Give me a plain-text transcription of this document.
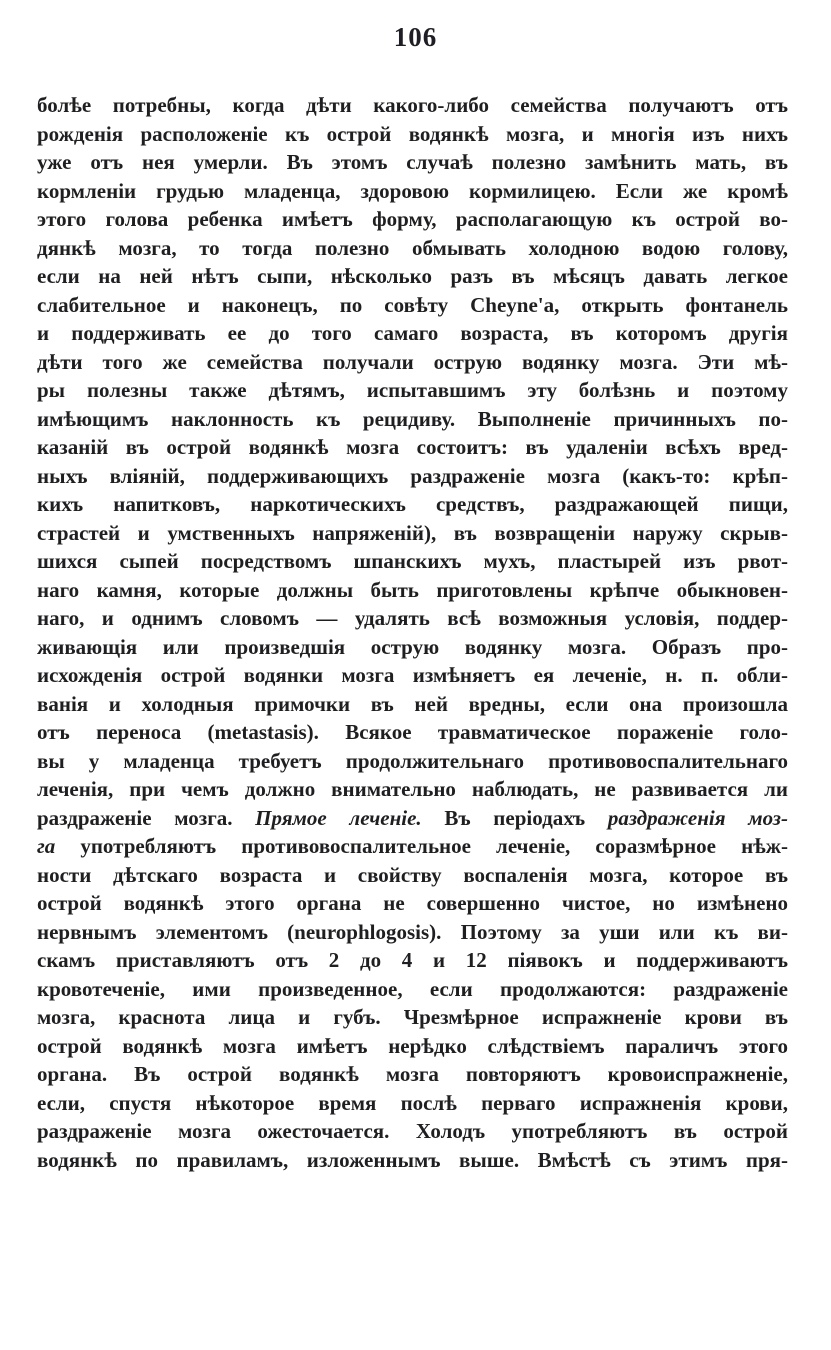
106
болѣе потребны, когда дѣти какого-либо семейства получаютъ отъ
рожденія расположеніе къ острой водянкѣ мозга, и многія изъ нихъ
уже отъ нея умерли. Въ этомъ случаѣ полезно замѣнить мать, въ
кормленіи грудью младенца, здоровою кормилицею. Если же кромѣ
этого голова ребенка имѣетъ форму, располагающую къ острой во-
дянкѣ мозга, то тогда полезно обмывать холодною водою голову,
если на ней нѣтъ сыпи, нѣсколько разъ въ мѣсяцъ давать легкое
слабительное и наконецъ, по совѣту Cheyne'a, открыть фонтанель
и поддерживать ее до того самаго возраста, въ которомъ другія
дѣти того же семейства получали острую водянку мозга. Эти мѣ-
ры полезны также дѣтямъ, испытавшимъ эту болѣзнь и поэтому
имѣющимъ наклонность къ рецидиву. Выполненіе причинныхъ по-
казаній въ острой водянкѣ мозга состоитъ: въ удаленіи всѣхъ вред-
ныхъ вліяній, поддерживающихъ раздраженіе мозга (какъ-то: крѣп-
кихъ напитковъ, наркотическихъ средствъ, раздражающей пищи,
страстей и умственныхъ напряженій), въ возвращеніи наружу скрыв-
шихся сыпей посредствомъ шпанскихъ мухъ, пластырей изъ рвот-
наго камня, которые должны быть приготовлены крѣпче обыкновен-
наго, и однимъ словомъ — удалять всѣ возможныя условія, поддер-
живающія или произведшія острую водянку мозга. Образъ про-
исхожденія острой водянки мозга измѣняетъ ея леченіе, н. п. обли-
ванія и холодныя примочки въ ней вредны, если она произошла
отъ переноса (metastasis). Всякое травматическое пораженіе голо-
вы у младенца требуетъ продолжительнаго противовоспалительнаго
леченія, при чемъ должно внимательно наблюдать, не развивается ли
раздраженіе мозга. Прямое леченіе. Въ періодахъ раздраженія моз-
га употребляютъ противовоспалительное леченіе, соразмѣрное нѣж-
ности дѣтскаго возраста и свойству воспаленія мозга, которое въ
острой водянкѣ этого органа не совершенно чистое, но измѣнено
нервнымъ элементомъ (neurophlogosis). Поэтому за уши или къ ви-
скамъ приставляютъ отъ 2 до 4 и 12 піявокъ и поддерживаютъ
кровотеченіе, ими произведенное, если продолжаются: раздраженіе
мозга, краснота лица и губъ. Чрезмѣрное испражненіе крови въ
острой водянкѣ мозга имѣетъ нерѣдко слѣдствіемъ параличъ этого
органа. Въ острой водянкѣ мозга повторяютъ кровоиспражненіе,
если, спустя нѣкоторое время послѣ перваго испражненія крови,
раздраженіе мозга ожесточается. Холодъ употребляютъ въ острой
водянкѣ по правиламъ, изложеннымъ выше. Вмѣстѣ съ этимъ пря-
